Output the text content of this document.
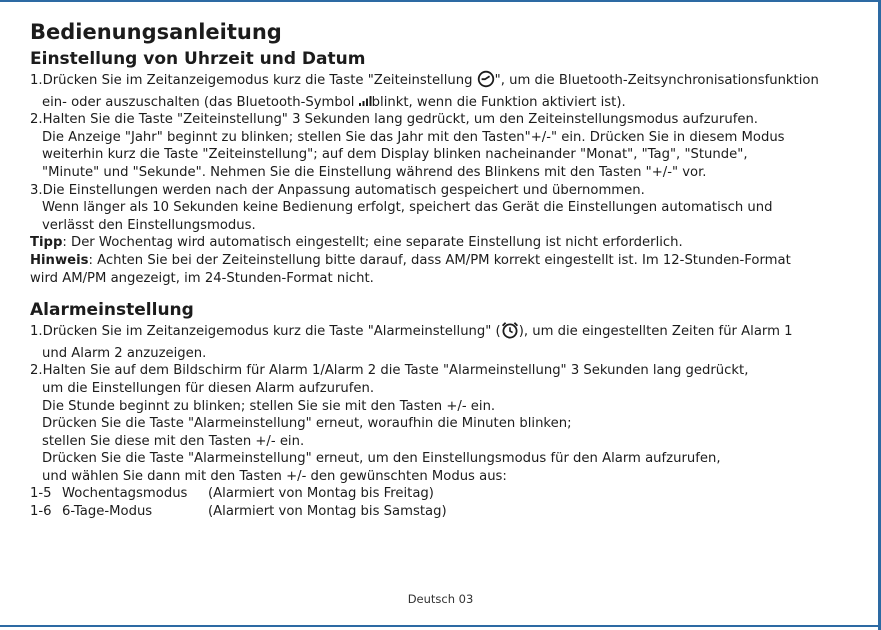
Bedienungsanleitung
Einstellung von Uhrzeit und Datum
1.Drücken Sie im Zeitanzeigemodus kurz die Taste "Zeiteinstellung ", um die Bluetooth-Zeitsynchronisationsfunktion
ein- oder auszuschalten (das Bluetooth-Symbol blinkt, wenn die Funktion aktiviert ist).
2.Halten Sie die Taste "Zeiteinstellung" 3 Sekunden lang gedrückt, um den Zeiteinstellungsmodus aufzurufen.
Die Anzeige "Jahr" beginnt zu blinken; stellen Sie das Jahr mit den Tasten"+/-" ein. Drücken Sie in diesem Modus
weiterhin kurz die Taste "Zeiteinstellung"; auf dem Display blinken nacheinander "Monat", "Tag", "Stunde",
"Minute" und "Sekunde". Nehmen Sie die Einstellung während des Blinkens mit den Tasten "+/-" vor.
3.Die Einstellungen werden nach der Anpassung automatisch gespeichert und übernommen.
Wenn länger als 10 Sekunden keine Bedienung erfolgt, speichert das Gerät die Einstellungen automatisch und
verlässt den Einstellungsmodus.
Tipp: Der Wochentag wird automatisch eingestellt; eine separate Einstellung ist nicht erforderlich.
Hinweis: Achten Sie bei der Zeiteinstellung bitte darauf, dass AM/PM korrekt eingestellt ist. Im 12-Stunden-Format
wird AM/PM angezeigt, im 24-Stunden-Format nicht.
Alarmeinstellung
1.Drücken Sie im Zeitanzeigemodus kurz die Taste "Alarmeinstellung" ( ), um die eingestellten Zeiten für Alarm 1
und Alarm 2 anzuzeigen.
2.Halten Sie auf dem Bildschirm für Alarm 1/Alarm 2 die Taste "Alarmeinstellung" 3 Sekunden lang gedrückt,
um die Einstellungen für diesen Alarm aufzurufen.
Die Stunde beginnt zu blinken; stellen Sie sie mit den Tasten +/- ein.
Drücken Sie die Taste "Alarmeinstellung" erneut, woraufhin die Minuten blinken;
stellen Sie diese mit den Tasten +/- ein.
Drücken Sie die Taste "Alarmeinstellung" erneut, um den Einstellungsmodus für den Alarm aufzurufen,
und wählen Sie dann mit den Tasten +/- den gewünschten Modus aus:
1-5 Wochentagsmodus (Alarmiert von Montag bis Freitag)
1-6 6-Tage-Modus	(Alarmiert von Montag bis Samstag)
Deutsch 03
